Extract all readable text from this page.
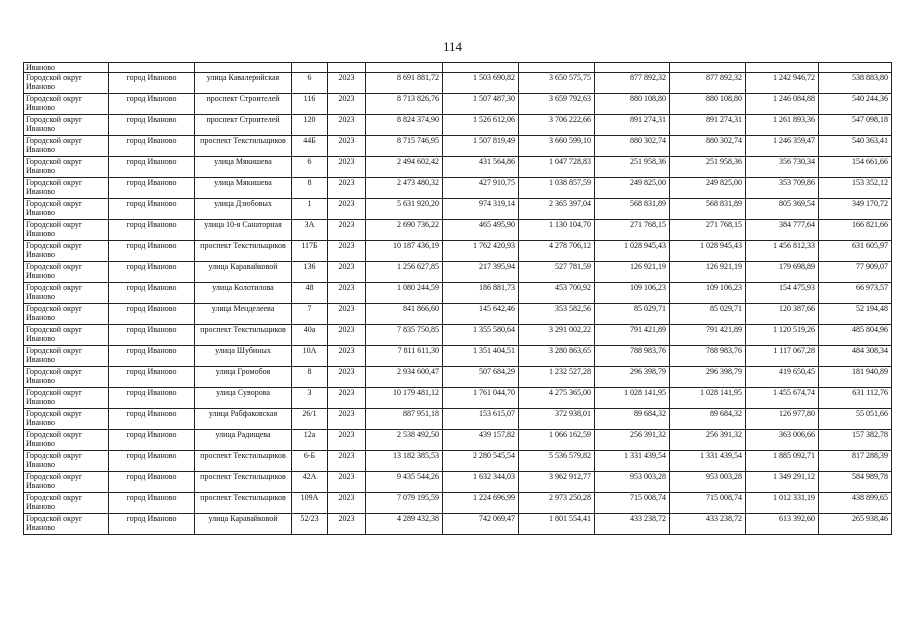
114
Иваново											
Городской округ Иваново	город Иваново	улица Кавалерийская	6	2023	8 691 881,72	1 503 690,82	3 650 575,75	877 892,32	877 892,32	1 242 946,72	538 883,80
Городской округ Иваново	город Иваново	проспект Строителей	116	2023	8 713 826,76	1 507 487,30	3 659 792,63	880 108,80	880 108,80	1 246 084,88	540 244,36
Городской округ Иваново	город Иваново	проспект Строителей	120	2023	8 824 374,90	1 526 612,06	3 706 222,66	891 274,31	891 274,31	1 261 893,36	547 098,18
Городской округ Иваново	город Иваново	проспект Текстильщиков	44Б	2023	8 715 746,95	1 507 819,49	3 660 599,10	880 302,74	880 302,74	1 246 359,47	540 363,41
Городской округ Иваново	город Иваново	улица Мякишева	6	2023	2 494 602,42	431 564,86	1 047 728,83	251 958,36	251 958,36	356 730,34	154 661,66
Городской округ Иваново	город Иваново	улица Мякишева	8	2023	2 473 480,32	427 910,75	1 038 857,59	249 825,00	249 825,00	353 709,86	153 352,12
Городской округ Иваново	город Иваново	улица Дзюбовых	1	2023	5 631 920,20	974 319,14	2 365 397,04	568 831,89	568 831,89	805 369,54	349 170,72
Городской округ Иваново	город Иваново	улица 10-я Санаторная	3А	2023	2 690 736,22	465 495,90	1 130 104,70	271 768,15	271 768,15	384 777,64	166 821,66
Городской округ Иваново	город Иваново	проспект Текстильщиков	117Б	2023	10 187 436,19	1 762 420,93	4 278 706,12	1 028 945,43	1 028 945,43	1 456 812,33	631 605,97
Городской округ Иваново	город Иваново	улица Каравайковой	136	2023	1 256 627,85	217 395,94	527 781,59	126 921,19	126 921,19	179 698,89	77 909,07
Городской округ Иваново	город Иваново	улица Колотилова	48	2023	1 080 244,59	186 881,73	453 700,92	109 106,23	109 106,23	154 475,93	66 973,57
Городской округ Иваново	город Иваново	улица Менделеева	7	2023	841 866,60	145 642,46	353 582,56	85 029,71	85 029,71	120 387,66	52 194,48
Городской округ Иваново	город Иваново	проспект Текстильщиков	40а	2023	7 835 750,85	1 355 580,64	3 291 002,22	791 421,89	791 421,89	1 120 519,26	485 804,96
Городской округ Иваново	город Иваново	улица Шубиных	10А	2023	7 811 611,30	1 351 404,51	3 280 863,65	788 983,76	788 983,76	1 117 067,28	484 308,34
Городской округ Иваново	город Иваново	улица Громобоя	8	2023	2 934 600,47	507 684,29	1 232 527,28	296 398,79	296 398,79	419 650,45	181 940,89
Городской округ Иваново	город Иваново	улица Суворова	3	2023	10 179 481,12	1 761 044,70	4 275 365,00	1 028 141,95	1 028 141,95	1 455 674,74	631 112,76
Городской округ Иваново	город Иваново	улица Рабфаковская	26/1	2023	887 951,18	153 615,07	372 938,01	89 684,32	89 684,32	126 977,80	55 051,66
Городской округ Иваново	город Иваново	улица Радищева	12а	2023	2 538 492,50	439 157,82	1 066 162,59	256 391,32	256 391,32	363 006,66	157 382,78
Городской округ Иваново	город Иваново	проспект Текстильщиков	6-Б	2023	13 182 385,53	2 280 545,54	5 536 579,82	1 331 439,54	1 331 439,54	1 885 092,71	817 288,39
Городской округ Иваново	город Иваново	проспект Текстильщиков	42А	2023	9 435 544,26	1 632 344,03	3 962 912,77	953 003,28	953 003,28	1 349 291,12	584 989,78
Городской округ Иваново	город Иваново	проспект Текстильщиков	109А	2023	7 079 195,59	1 224 696,99	2 973 250,28	715 008,74	715 008,74	1 012 331,19	438 899,65
Городской округ Иваново	город Иваново	улица Каравайковой	52/23	2023	4 289 432,38	742 069,47	1 801 554,41	433 238,72	433 238,72	613 392,60	265 938,46
